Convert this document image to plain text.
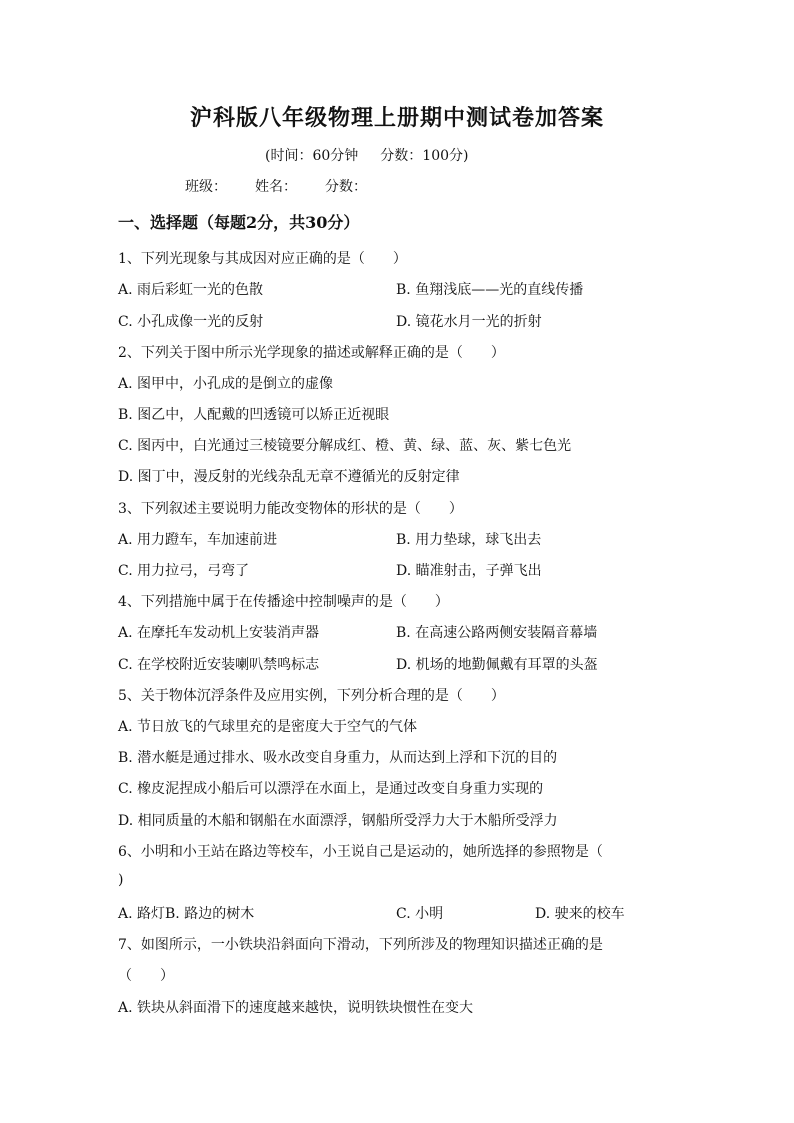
沪科版八年级物理上册期中测试卷加答案
(时间：60分钟 分数：100分)
班级： 姓名： 分数：
一、选择题（每题2分，共30分）
1、下列光现象与其成因对应正确的是（　　）
A. 雨后彩虹一光的色散	B. 鱼翔浅底——光的直线传播
C. 小孔成像一光的反射	D. 镜花水月一光的折射
2、下列关于图中所示光学现象的描述或解释正确的是（　　）
A. 图甲中，小孔成的是倒立的虚像
B. 图乙中，人配戴的凹透镜可以矫正近视眼
C. 图丙中，白光通过三棱镜要分解成红、橙、黄、绿、蓝、灰、紫七色光
D. 图丁中，漫反射的光线杂乱无章不遵循光的反射定律
3、下列叙述主要说明力能改变物体的形状的是（　　）
A. 用力蹬车，车加速前进	B. 用力垫球，球飞出去
C. 用力拉弓，弓弯了	D. 瞄准射击，子弹飞出
4、下列措施中属于在传播途中控制噪声的是（　　）
A. 在摩托车发动机上安装消声器	B. 在高速公路两侧安装隔音幕墙
C. 在学校附近安装喇叭禁鸣标志	D. 机场的地勤佩戴有耳罩的头盔
5、关于物体沉浮条件及应用实例，下列分析合理的是（　　）
A. 节日放飞的气球里充的是密度大于空气的气体
B. 潜水艇是通过排水、吸水改变自身重力，从而达到上浮和下沉的目的
C. 橡皮泥捏成小船后可以漂浮在水面上，是通过改变自身重力实现的
D. 相同质量的木船和钢船在水面漂浮，钢船所受浮力大于木船所受浮力
6、小明和小王站在路边等校车，小王说自己是运动的，她所选择的参照物是（
)
A. 路灯B. 路边的树木	C. 小明	D. 驶来的校车
7、如图所示，一小铁块沿斜面向下滑动，下列所涉及的物理知识描述正确的是
（　　）
A. 铁块从斜面滑下的速度越来越快，说明铁块惯性在变大
